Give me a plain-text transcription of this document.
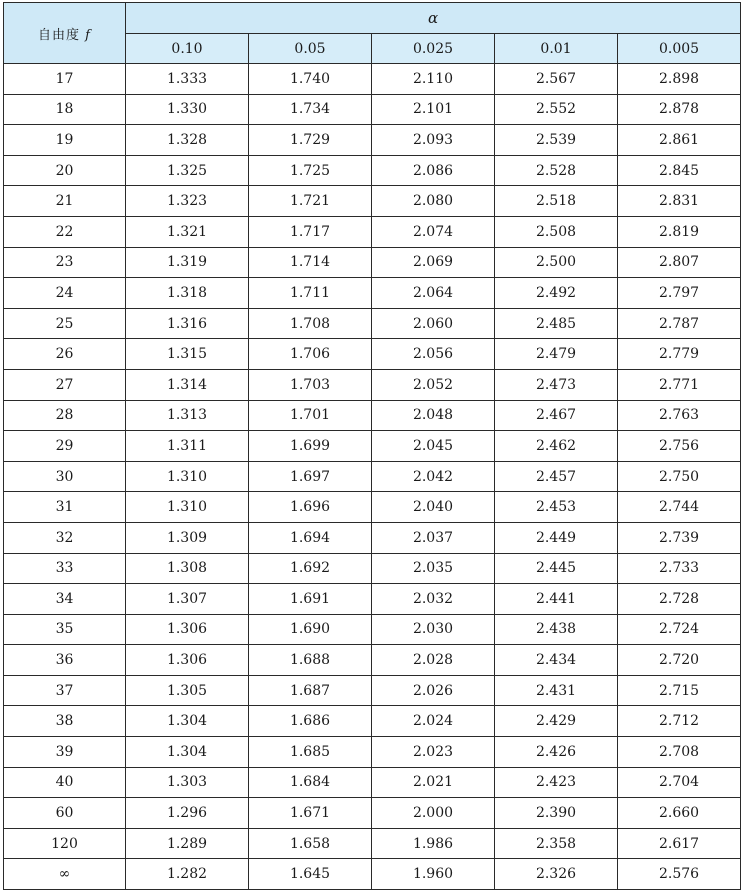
自由度 f	α				
	0.10	0.05	0.025	0.01	0.005
17	1.333	1.740	2.110	2.567	2.898
18	1.330	1.734	2.101	2.552	2.878
19	1.328	1.729	2.093	2.539	2.861
20	1.325	1.725	2.086	2.528	2.845
21	1.323	1.721	2.080	2.518	2.831
22	1.321	1.717	2.074	2.508	2.819
23	1.319	1.714	2.069	2.500	2.807
24	1.318	1.711	2.064	2.492	2.797
25	1.316	1.708	2.060	2.485	2.787
26	1.315	1.706	2.056	2.479	2.779
27	1.314	1.703	2.052	2.473	2.771
28	1.313	1.701	2.048	2.467	2.763
29	1.311	1.699	2.045	2.462	2.756
30	1.310	1.697	2.042	2.457	2.750
31	1.310	1.696	2.040	2.453	2.744
32	1.309	1.694	2.037	2.449	2.739
33	1.308	1.692	2.035	2.445	2.733
34	1.307	1.691	2.032	2.441	2.728
35	1.306	1.690	2.030	2.438	2.724
36	1.306	1.688	2.028	2.434	2.720
37	1.305	1.687	2.026	2.431	2.715
38	1.304	1.686	2.024	2.429	2.712
39	1.304	1.685	2.023	2.426	2.708
40	1.303	1.684	2.021	2.423	2.704
60	1.296	1.671	2.000	2.390	2.660
120	1.289	1.658	1.986	2.358	2.617
∞	1.282	1.645	1.960	2.326	2.576
